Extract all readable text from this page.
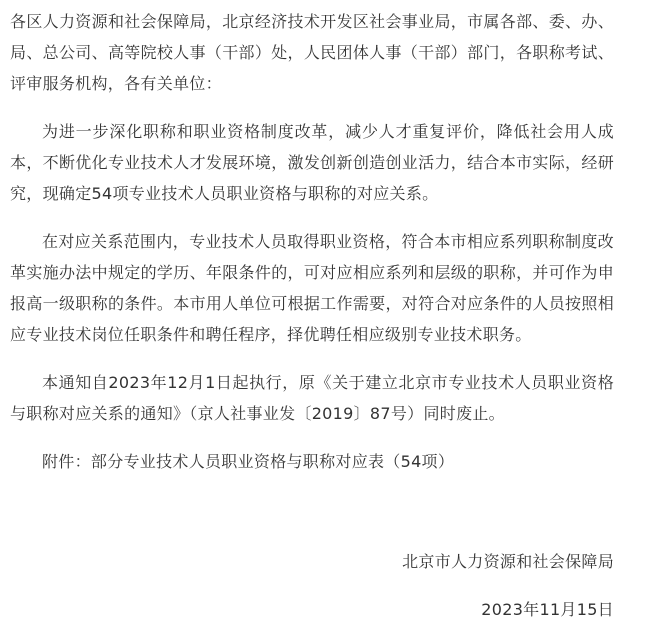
各区人力资源和社会保障局，北京经济技术开发区社会事业局，市属各部、委、办、局、总公司、高等院校人事（干部）处，人民团体人事（干部）部门，各职称考试、评审服务机构，各有关单位：

为进一步深化职称和职业资格制度改革，减少人才重复评价，降低社会用人成本，不断优化专业技术人才发展环境，激发创新创造创业活力，结合本市实际，经研究，现确定54项专业技术人员职业资格与职称的对应关系。

在对应关系范围内，专业技术人员取得职业资格，符合本市相应系列职称制度改革实施办法中规定的学历、年限条件的，可对应相应系列和层级的职称，并可作为申报高一级职称的条件。本市用人单位可根据工作需要，对符合对应条件的人员按照相应专业技术岗位任职条件和聘任程序，择优聘任相应级别专业技术职务。

本通知自2023年12月1日起执行，原《关于建立北京市专业技术人员职业资格与职称对应关系的通知》（京人社事业发〔2019〕87号）同时废止。

附件：部分专业技术人员职业资格与职称对应表（54项）

北京市人力资源和社会保障局
2023年11月15日
